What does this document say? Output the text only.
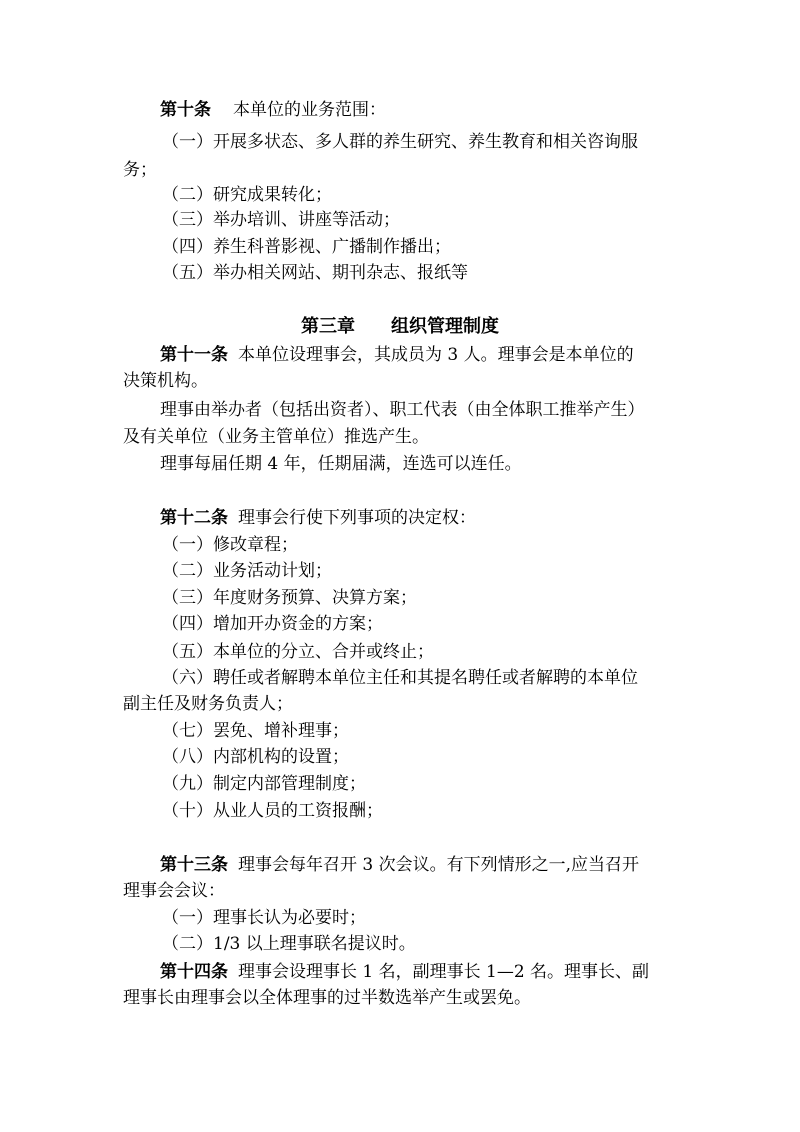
第十条 本单位的业务范围：
（一）开展多状态、多人群的养生研究、养生教育和相关咨询服
务；
（二）研究成果转化；
（三）举办培训、讲座等活动；
（四）养生科普影视、广播制作播出；
（五）举办相关网站、期刊杂志、报纸等
第三章 组织管理制度
第十一条 本单位设理事会，其成员为 3 人。理事会是本单位的
决策机构。
理事由举办者（包括出资者）、职工代表（由全体职工推举产生）
及有关单位（业务主管单位）推选产生。
理事每届任期 4 年，任期届满，连选可以连任。
第十二条 理事会行使下列事项的决定权：
（一）修改章程；
（二）业务活动计划；
（三）年度财务预算、决算方案；
（四）增加开办资金的方案；
（五）本单位的分立、合并或终止；
（六）聘任或者解聘本单位主任和其提名聘任或者解聘的本单位
副主任及财务负责人；
（七）罢免、增补理事；
（八）内部机构的设置；
（九）制定内部管理制度；
（十）从业人员的工资报酬；
第十三条 理事会每年召开 3 次会议。有下列情形之一,应当召开
理事会会议：
（一）理事长认为必要时；
（二）1/3 以上理事联名提议时。
第十四条 理事会设理事长 1 名，副理事长 1—2 名。理事长、副
理事长由理事会以全体理事的过半数选举产生或罢免。
